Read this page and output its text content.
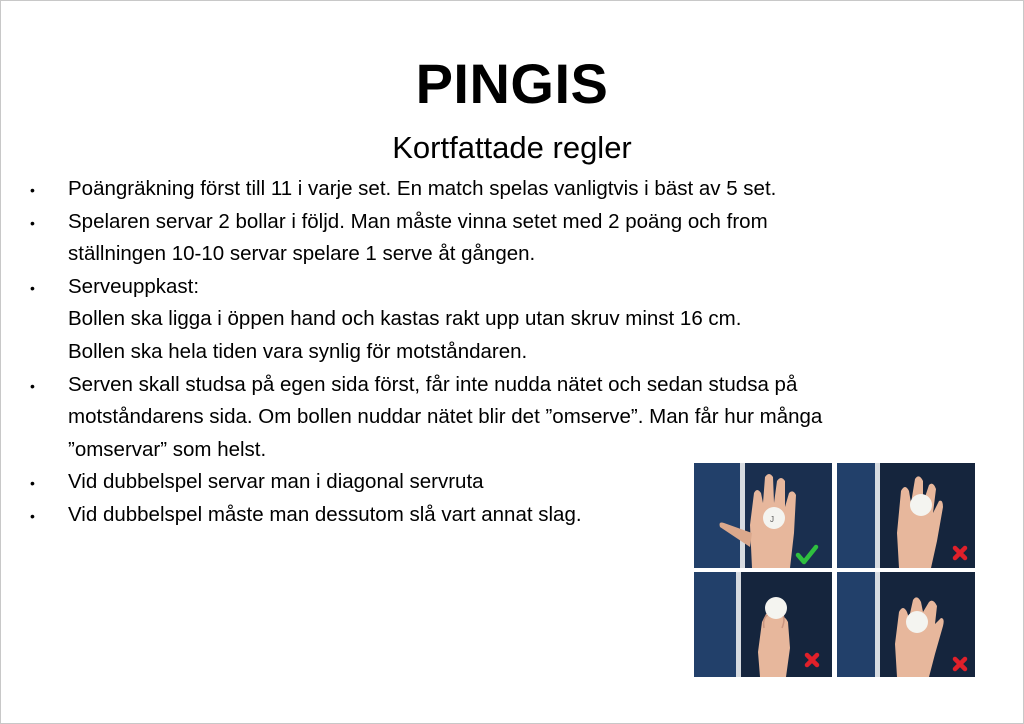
PINGIS
Kortfattade regler
• Poängräkning först till 11 i varje set. En match spelas vanligtvis i bäst av 5 set.
• Spelaren servar 2 bollar i följd. Man måste vinna setet med 2 poäng och from
ställningen 10-10 servar spelare 1 serve åt gången.
• Serveuppkast:
Bollen ska ligga i öppen hand och kastas rakt upp utan skruv minst 16 cm.
Bollen ska hela tiden vara synlig för motståndaren.
• Serven skall studsa på egen sida först, får inte nudda nätet och sedan studsa på
motståndarens sida. Om bollen nuddar nätet blir det ”omserve”. Man får hur många
”omservar” som helst.
• Vid dubbelspel servar man i diagonal servruta
• Vid dubbelspel måste man dessutom slå vart annat slag.	J
